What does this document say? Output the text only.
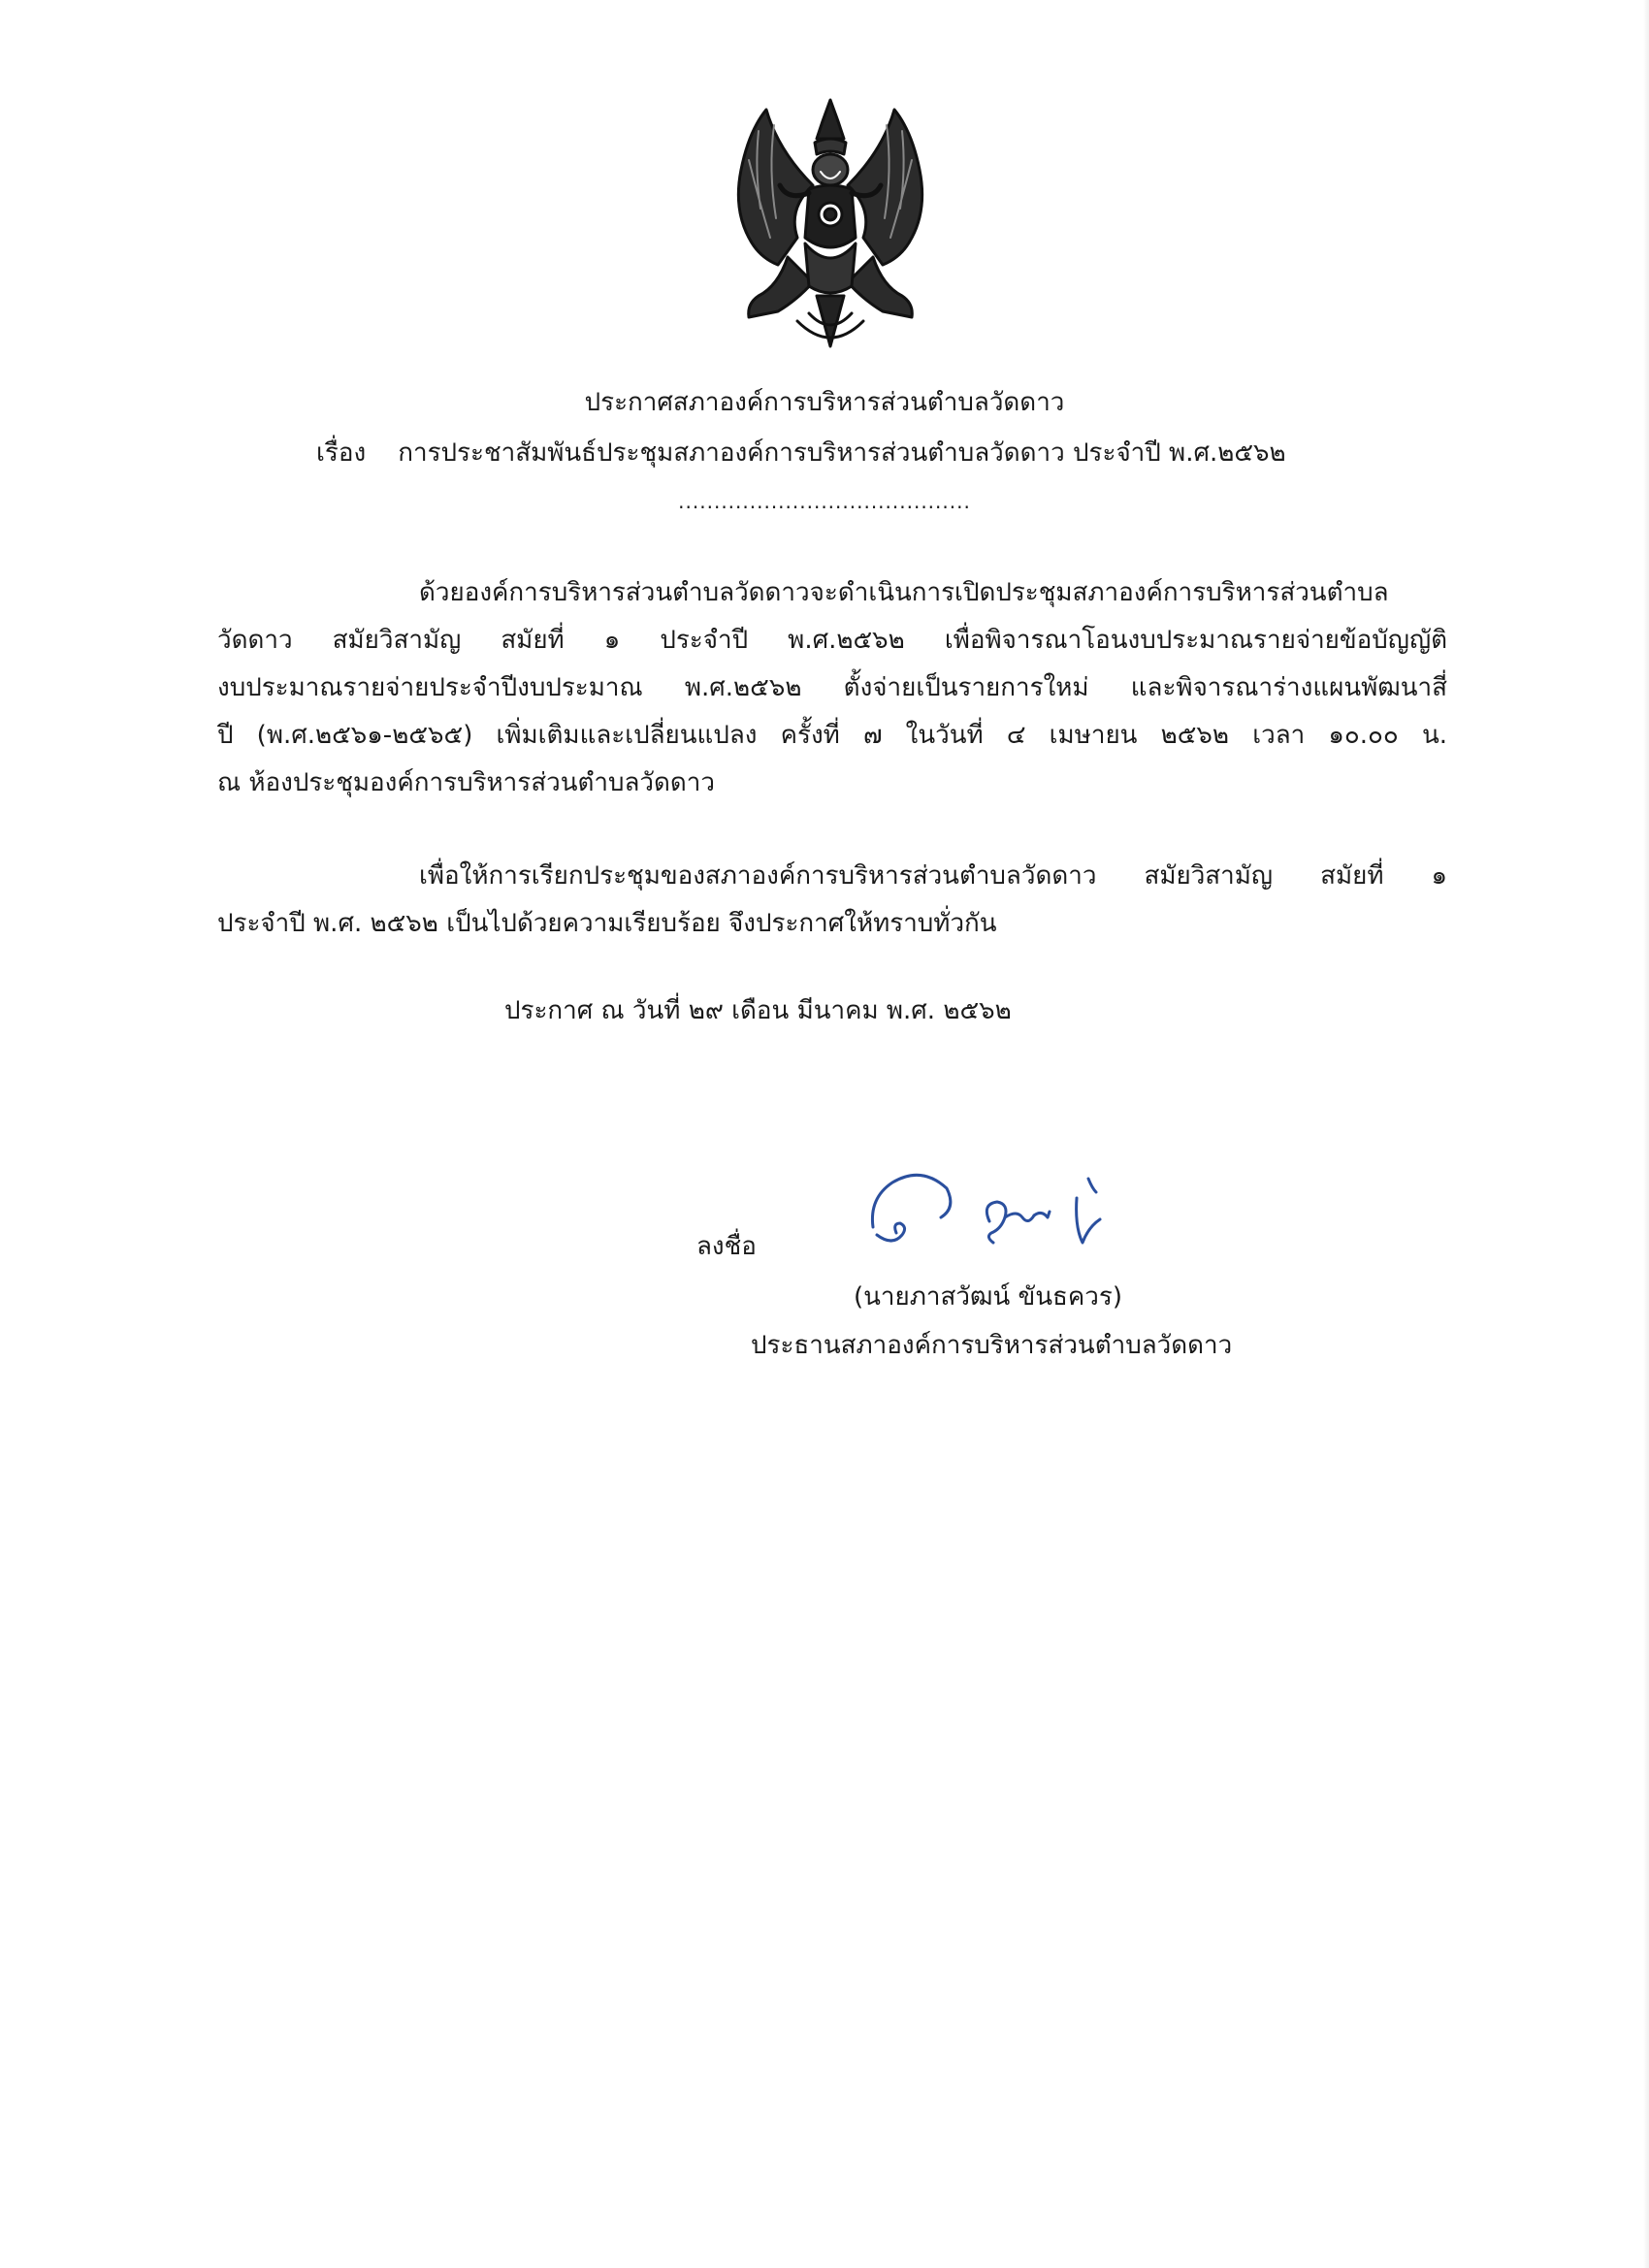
ประกาศสภาองค์การบริหารส่วนตำบลวัดดาว
เรื่อง การประชาสัมพันธ์ประชุมสภาองค์การบริหารส่วนตำบลวัดดาว ประจำปี พ.ศ.๒๕๖๒
.........................................
ด้วยองค์การบริหารส่วนตำบลวัดดาวจะดำเนินการเปิดประชุมสภาองค์การบริหารส่วนตำบล
วัดดาว สมัยวิสามัญ สมัยที่ ๑ ประจำปี พ.ศ.๒๕๖๒ เพื่อพิจารณาโอนงบประมาณรายจ่ายข้อบัญญัติ
งบประมาณรายจ่ายประจำปีงบประมาณ พ.ศ.๒๕๖๒ ตั้งจ่ายเป็นรายการใหม่ และพิจารณาร่างแผนพัฒนาสี่
ปี (พ.ศ.๒๕๖๑-๒๕๖๕) เพิ่มเติมและเปลี่ยนแปลง ครั้งที่ ๗ ในวันที่ ๔ เมษายน ๒๕๖๒ เวลา ๑๐.๐๐ น.
ณ ห้องประชุมองค์การบริหารส่วนตำบลวัดดาว
เพื่อให้การเรียกประชุมของสภาองค์การบริหารส่วนตำบลวัดดาว สมัยวิสามัญ สมัยที่ ๑
ประจำปี พ.ศ. ๒๕๖๒ เป็นไปด้วยความเรียบร้อย จึงประกาศให้ทราบทั่วกัน
ประกาศ ณ วันที่ ๒๙ เดือน มีนาคม พ.ศ. ๒๕๖๒
ลงชื่อ
(นายภาสวัฒน์ ขันธควร)
ประธานสภาองค์การบริหารส่วนตำบลวัดดาว
